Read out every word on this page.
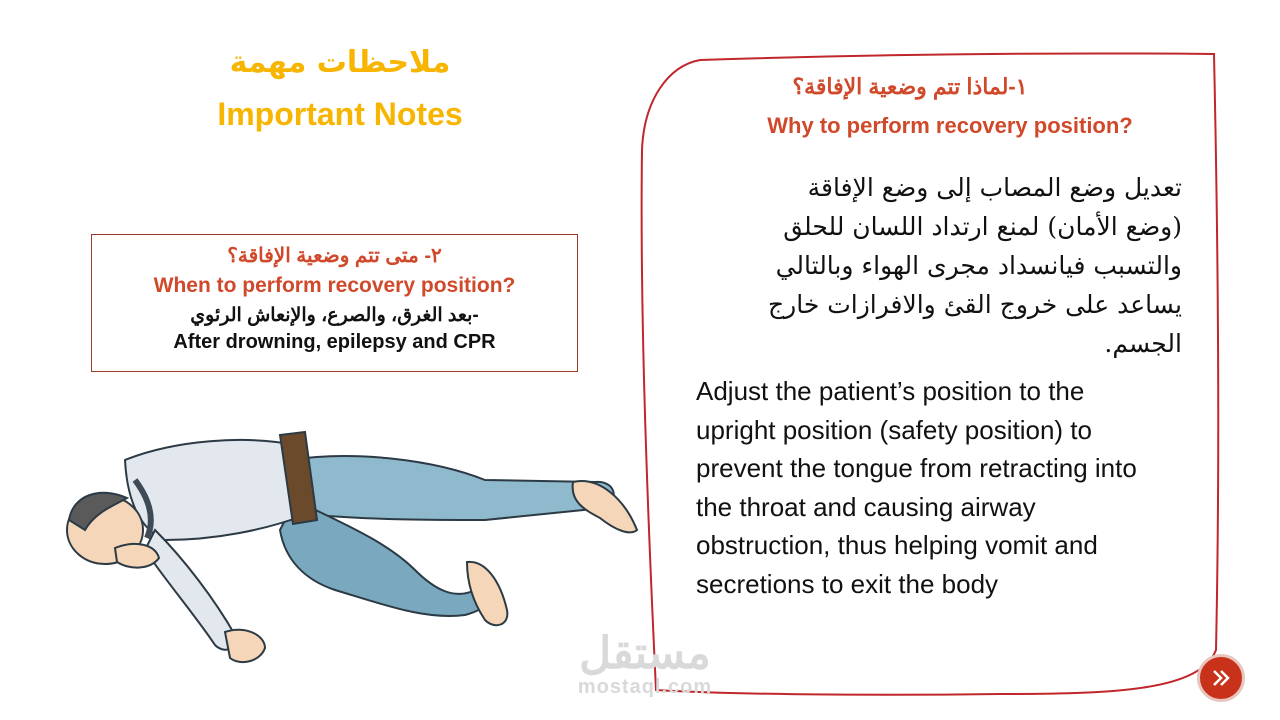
ملاحظات مهمة
Important Notes
٢- متى تتم وضعية الإفاقة؟
When to perform recovery position?
-بعد الغرق، والصرع، والإنعاش الرئوي
After drowning, epilepsy and CPR
١-لماذا تتم وضعية الإفاقة؟
Why to perform recovery position?
تعديل وضع المصاب إلى وضع الإفاقة (وضع الأمان) لمنع ارتداد اللسان للحلق والتسبب فيانسداد مجرى الهواء وبالتالي يساعد على خروج القئ والافرازات خارج الجسم.
Adjust the patient’s position to the upright position (safety position) to prevent the tongue from retracting into the throat and causing airway obstruction, thus helping vomit and secretions to exit the body
مستقل
mostaql.com
